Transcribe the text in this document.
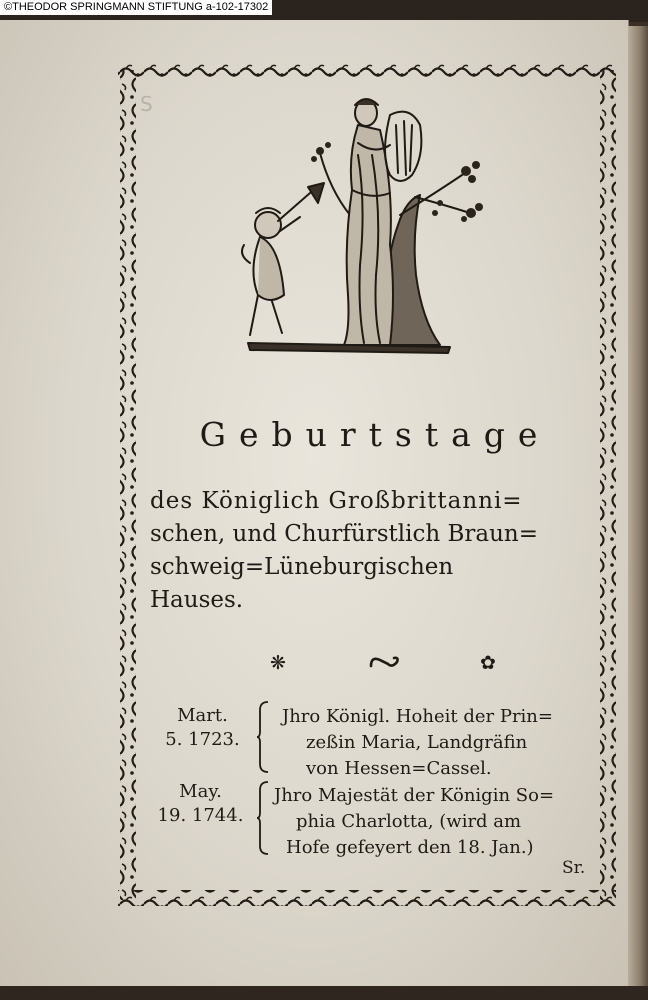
©THEODOR SPRINGMANN STIFTUNG a-102-17302
S
Geburtstage
des Königlich Großbrittanni=
schen, und Churfürstlich Braun=
schweig=Lüneburgischen
Hauses.
❋	✿
Mart.
5. 1723.
Jhro Königl. Hoheit der Prin=
zeßin Maria, Landgräfin
von Hessen=Cassel.
May.
19. 1744.
Jhro Majestät der Königin So=
phia Charlotta, (wird am
Hofe gefeyert den 18. Jan.)
Sr.
